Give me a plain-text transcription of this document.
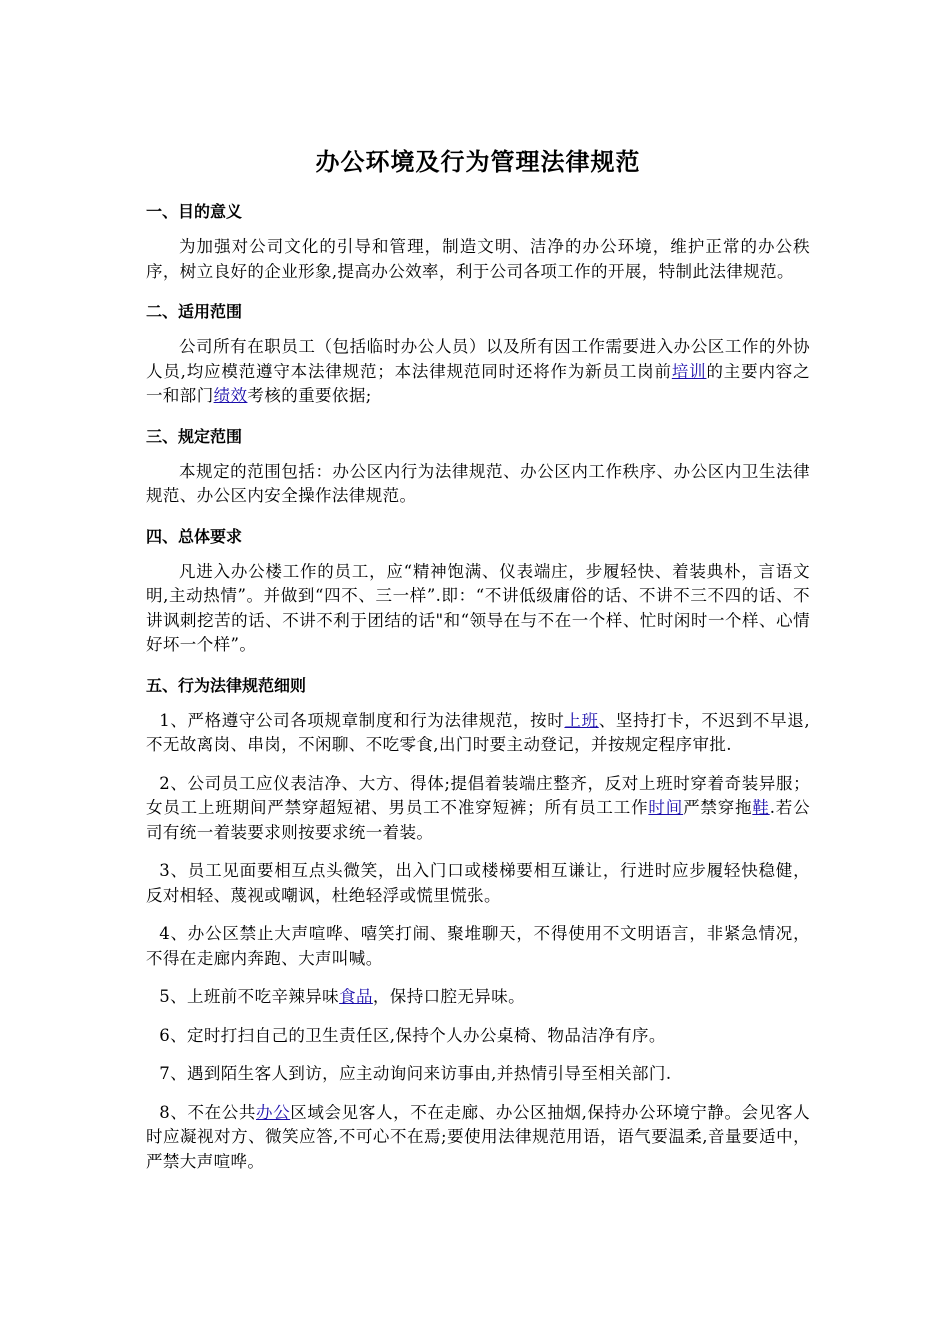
办公环境及行为管理法律规范
一、目的意义

为加强对公司文化的引导和管理，制造文明、洁净的办公环境，维护正常的办公秩序，树立良好的企业形象,提高办公效率，利于公司各项工作的开展，特制此法律规范。

二、适用范围

公司所有在职员工（包括临时办公人员）以及所有因工作需要进入办公区工作的外协人员,均应模范遵守本法律规范；本法律规范同时还将作为新员工岗前培训的主要内容之一和部门绩效考核的重要依据;

三、规定范围

本规定的范围包括：办公区内行为法律规范、办公区内工作秩序、办公区内卫生法律规范、办公区内安全操作法律规范。

四、总体要求

凡进入办公楼工作的员工，应“精神饱满、仪表端庄，步履轻快、着装典朴，言语文明,主动热情”。并做到“四不、三一样”.即：“不讲低级庸俗的话、不讲不三不四的话、不讲讽刺挖苦的话、不讲不利于团结的话"和“领导在与不在一个样、忙时闲时一个样、心情好坏一个样”。

五、行为法律规范细则

1、严格遵守公司各项规章制度和行为法律规范，按时上班、坚持打卡，不迟到不早退,不无故离岗、串岗，不闲聊、不吃零食,出门时要主动登记，并按规定程序审批.

2、公司员工应仪表洁净、大方、得体;提倡着装端庄整齐，反对上班时穿着奇装异服；女员工上班期间严禁穿超短裙、男员工不准穿短裤；所有员工工作时间严禁穿拖鞋.若公司有统一着装要求则按要求统一着装。

3、员工见面要相互点头微笑，出入门口或楼梯要相互谦让，行进时应步履轻快稳健，反对相轻、蔑视或嘲讽，杜绝轻浮或慌里慌张。

4、办公区禁止大声喧哗、嘻笑打闹、聚堆聊天，不得使用不文明语言，非紧急情况，不得在走廊内奔跑、大声叫喊。

5、上班前不吃辛辣异味食品，保持口腔无异味。

6、定时打扫自己的卫生责任区,保持个人办公桌椅、物品洁净有序。

7、遇到陌生客人到访，应主动询问来访事由,并热情引导至相关部门.

8、不在公共办公区域会见客人，不在走廊、办公区抽烟,保持办公环境宁静。会见客人时应凝视对方、微笑应答,不可心不在焉;要使用法律规范用语，语气要温柔,音量要适中，严禁大声喧哗。
